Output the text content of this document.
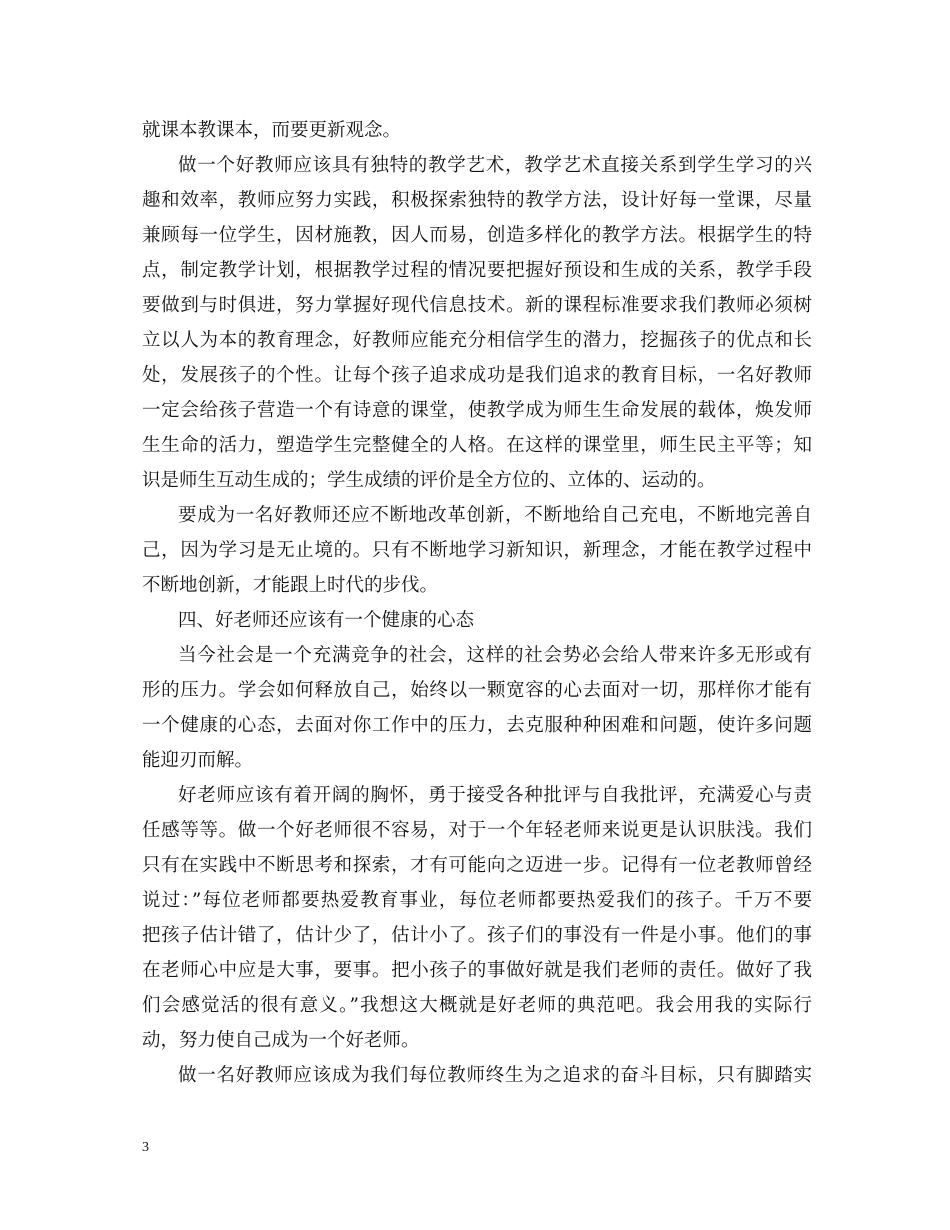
就课本教课本，而要更新观念。
做一个好教师应该具有独特的教学艺术，教学艺术直接关系到学生学习的兴
趣和效率，教师应努力实践，积极探索独特的教学方法，设计好每一堂课，尽量
兼顾每一位学生，因材施教，因人而易，创造多样化的教学方法。根据学生的特
点，制定教学计划，根据教学过程的情况要把握好预设和生成的关系，教学手段
要做到与时俱进，努力掌握好现代信息技术。新的课程标准要求我们教师必须树
立以人为本的教育理念，好教师应能充分相信学生的潜力，挖掘孩子的优点和长
处，发展孩子的个性。让每个孩子追求成功是我们追求的教育目标，一名好教师
一定会给孩子营造一个有诗意的课堂，使教学成为师生生命发展的载体，焕发师
生生命的活力，塑造学生完整健全的人格。在这样的课堂里，师生民主平等；知
识是师生互动生成的；学生成绩的评价是全方位的、立体的、运动的。
要成为一名好教师还应不断地改革创新，不断地给自己充电，不断地完善自
己，因为学习是无止境的。只有不断地学习新知识，新理念，才能在教学过程中
不断地创新，才能跟上时代的步伐。
四、好老师还应该有一个健康的心态
当今社会是一个充满竞争的社会，这样的社会势必会给人带来许多无形或有
形的压力。学会如何释放自己，始终以一颗宽容的心去面对一切，那样你才能有
一个健康的心态，去面对你工作中的压力，去克服种种困难和问题，使许多问题
能迎刃而解。
好老师应该有着开阔的胸怀，勇于接受各种批评与自我批评，充满爱心与责
任感等等。做一个好老师很不容易，对于一个年轻老师来说更是认识肤浅。我们
只有在实践中不断思考和探索，才有可能向之迈进一步。记得有一位老教师曾经
说过：”每位老师都要热爱教育事业，每位老师都要热爱我们的孩子。千万不要
把孩子估计错了，估计少了，估计小了。孩子们的事没有一件是小事。他们的事
在老师心中应是大事，要事。把小孩子的事做好就是我们老师的责任。做好了我
们会感觉活的很有意义。”我想这大概就是好老师的典范吧。我会用我的实际行
动，努力使自己成为一个好老师。
做一名好教师应该成为我们每位教师终生为之追求的奋斗目标，只有脚踏实
3
